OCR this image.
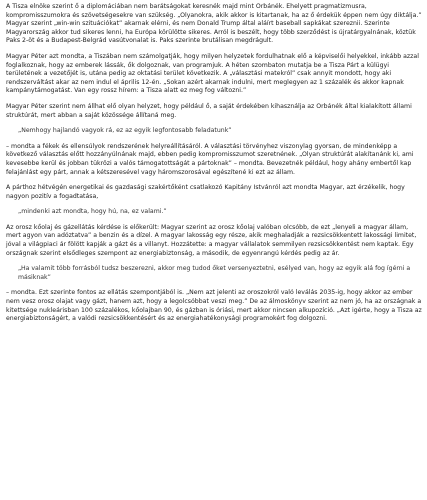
A Tisza elnöke szerint ő a diplomáciában nem barátságokat keresnék majd mint Orbánék. Ehelyett pragmatizmusra, kompromisszumokra és szövetségesekre van szükség. „Olyanokra, akik akkor is kitartanak, ha az ő érdekük éppen nem úgy diktálja.” Magyar szerint „win-win szituációkat” akarnak elérni, és nem Donald Trump által aláírt baseball sapkákat szereznii. Szerinte Magyarország akkor tud sikeres lenni, ha Európa körülötte sikeres. Arról is beszélt, hogy több szerződést is újratárgyalnának, köztük Paks 2-öt és a Budapest-Belgrád vasútvonalat is. Paks szerinte brutálisan megdrágult.

Magyar Péter azt mondta, a Tiszában nem számolgatják, hogy milyen helyzetek fordulhatnak elő a képviselői helyekkel, inkább azzal foglalkoznak, hogy az emberek lássák, ők dolgoznak, van programjuk. A héten szombaton mutatja be a Tisza Párt a külügyi területének a vezetőjét is, utána pedig az oktatási terület következik. A „választási matekról” csak annyit mondott, hogy aki rendszerváltást akar az nem indul el április 12-én. „Sokan azért akarnak indulni, mert meglegyen az 1 százalék és akkor kapnak kampánytámogatást. Van egy rossz hírem: a Tisza alatt ez meg fog változni.”

Magyar Péter szerint nem állhat elő olyan helyzet, hogy például ő, a saját érdekében kihasználja az Orbánék által kialakított állami struktúrát, mert abban a saját közössége állítaná meg.

„Nemhogy hajlandó vagyok rá, ez az egyik legfontosabb feladatunk”

– mondta a fékek és ellensúlyok rendszerének helyreállításáról. A választási törvényhez viszonylag gyorsan, de mindenképp a következő választás előtt hozzányúlnának majd, ebben pedig kompromisszumot szeretnének. „Olyan struktúrát alakítanánk ki, ami kevesebbe kerül és jobban tükrözi a valós támogatottságát a pártoknak” – mondta. Bevezetnék például, hogy ahány embertől kap felajánlást egy párt, annak a kétszeresével vagy háromszorosával egészítené ki ezt az állam.

A párthoz hétvégén energetikai és gazdasági szakértőként csatlakozó Kapitány Istvánról azt mondta Magyar, azt érzékelik, hogy nagyon pozitív a fogadtatása,

„mindenki azt mondta, hogy hú, na, ez valami.”

Az orosz kőolaj és gázellátás kérdése is előkerült: Magyar szerint az orosz kőolaj valóban olcsóbb, de ezt „lenyeli a magyar állam, mert agyon van adóztatva” a benzin és a dízel. A magyar lakosság egy része, akik meghaladják a rezsicsökkentett lakossági limitet, jóval a világpiaci ár fölött kapják a gázt és a villanyt. Hozzátette: a magyar vállalatok semmilyen rezsicsökkentést nem kaptak. Egy országnak szerint elsődleges szempont az energiabiztonság, a második, de egyenrangú kérdés pedig az ár.

„Ha valamit több forrásból tudsz beszerezni, akkor meg tudod őket versenyeztetni, esélyed van, hogy az egyik alá fog ígérni a másiknak”

– mondta. Ezt szerinte fontos az ellátás szempontjából is. „Nem azt jelenti az oroszokról való leválás 2035-ig, hogy akkor az ember nem vesz orosz olajat vagy gázt, hanem azt, hogy a legolcsóbbat veszi meg.” De az álmoskönyv szerint az nem jó, ha az országnak a kitettsége nukleárisban 100 százalékos, kőolajban 90, és gázban is óriási, mert akkor nincsen alkupozíció. „Azt igérte, hogy a Tisza az energiabiztonságért, a valódi rezsicsökkentésért és az energiahatékonysági programokért fog dolgozni.
